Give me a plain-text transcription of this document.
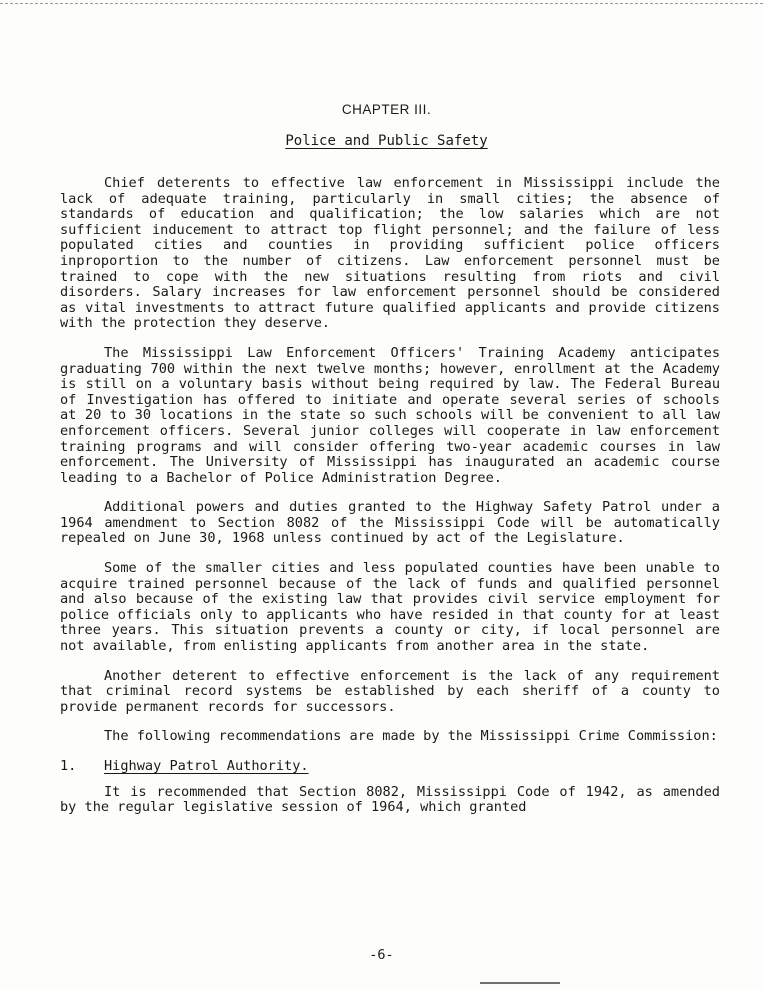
CHAPTER III.
Police and Public Safety

Chief deterents to effective law enforcement in Mississippi include the lack of adequate training, particularly in small cities; the absence of standards of education and qualification; the low salaries which are not sufficient inducement to attract top flight personnel; and the failure of less populated cities and counties in providing sufficient police officers inproportion to the number of citizens. Law enforcement personnel must be trained to cope with the new situations resulting from riots and civil disorders. Salary increases for law enforcement personnel should be considered as vital investments to attract future qualified applicants and provide citizens with the protection they deserve.

The Mississippi Law Enforcement Officers' Training Academy anticipates graduating 700 within the next twelve months; however, enrollment at the Academy is still on a voluntary basis without being required by law. The Federal Bureau of Investigation has offered to initiate and operate several series of schools at 20 to 30 locations in the state so such schools will be convenient to all law enforcement officers. Several junior colleges will cooperate in law enforcement training programs and will consider offering two-year academic courses in law enforcement. The University of Mississippi has inaugurated an academic course leading to a Bachelor of Police Administration Degree.

Additional powers and duties granted to the Highway Safety Patrol under a 1964 amendment to Section 8082 of the Mississippi Code will be automatically repealed on June 30, 1968 unless continued by act of the Legislature.

Some of the smaller cities and less populated counties have been unable to acquire trained personnel because of the lack of funds and qualified personnel and also because of the existing law that provides civil service employment for police officials only to applicants who have resided in that county for at least three years. This situation prevents a county or city, if local personnel are not available, from enlisting applicants from another area in the state.

Another deterent to effective enforcement is the lack of any requirement that criminal record systems be established by each sheriff of a county to provide permanent records for successors.

The following recommendations are made by the Mississippi Crime Commission:

1. Highway Patrol Authority.

It is recommended that Section 8082, Mississippi Code of 1942, as amended by the regular legislative session of 1964, which granted

-6-
